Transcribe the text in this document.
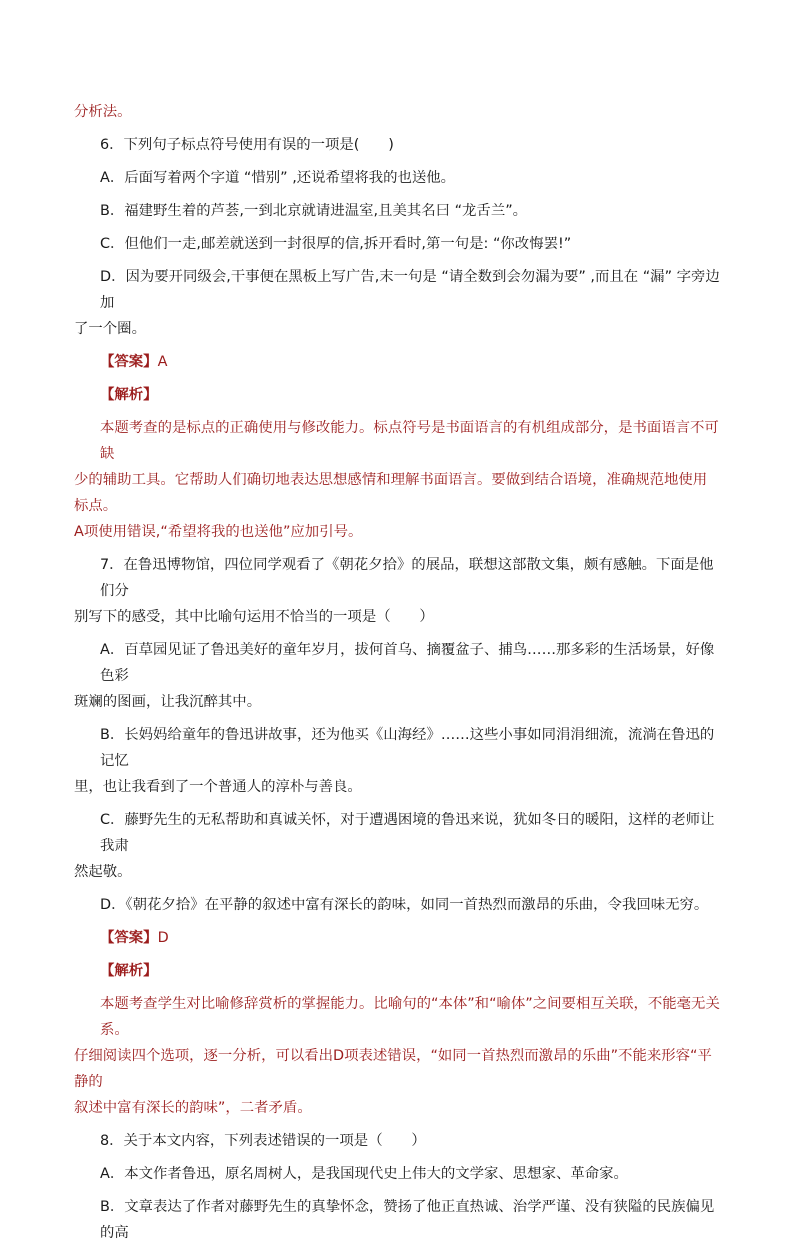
分析法。

6．下列句子标点符号使用有误的一项是(　　)

A．后面写着两个字道 “惜别” ,还说希望将我的也送他。

B．福建野生着的芦荟,一到北京就请进温室,且美其名曰 “龙舌兰”。

C．但他们一走,邮差就送到一封很厚的信,拆开看时,第一句是: “你改悔罢!”

D．因为要开同级会,干事便在黑板上写广告,末一句是 “请全数到会勿漏为要” ,而且在 “漏” 字旁边加

了一个圈。

【答案】A

【解析】

本题考查的是标点的正确使用与修改能力。标点符号是书面语言的有机组成部分，是书面语言不可缺

少的辅助工具。它帮助人们确切地表达思想感情和理解书面语言。要做到结合语境，准确规范地使用标点。

A项使用错误,“希望将我的也送他”应加引号。

7．在鲁迅博物馆，四位同学观看了《朝花夕拾》的展品，联想这部散文集，颇有感触。下面是他们分

别写下的感受，其中比喻句运用不恰当的一项是（　　）

A．百草园见证了鲁迅美好的童年岁月，拔何首乌、摘覆盆子、捕鸟……那多彩的生活场景，好像色彩

斑斓的图画，让我沉醉其中。

B．长妈妈给童年的鲁迅讲故事，还为他买《山海经》……这些小事如同涓涓细流，流淌在鲁迅的记忆

里，也让我看到了一个普通人的淳朴与善良。

C．藤野先生的无私帮助和真诚关怀，对于遭遇困境的鲁迅来说，犹如冬日的暖阳，这样的老师让我肃

然起敬。

D．《朝花夕拾》在平静的叙述中富有深长的韵味，如同一首热烈而激昂的乐曲，令我回味无穷。

【答案】D

【解析】

本题考查学生对比喻修辞赏析的掌握能力。比喻句的“本体”和“喻体”之间要相互关联，不能毫无关系。

仔细阅读四个选项，逐一分析，可以看出D项表述错误，“如同一首热烈而激昂的乐曲”不能来形容“平静的

叙述中富有深长的韵味”，二者矛盾。

8．关于本文内容，下列表述错误的一项是（　　）

A．本文作者鲁迅，原名周树人，是我国现代史上伟大的文学家、思想家、革命家。

B．文章表达了作者对藤野先生的真挚怀念，赞扬了他正直热诚、治学严谨、没有狭隘的民族偏见的高
